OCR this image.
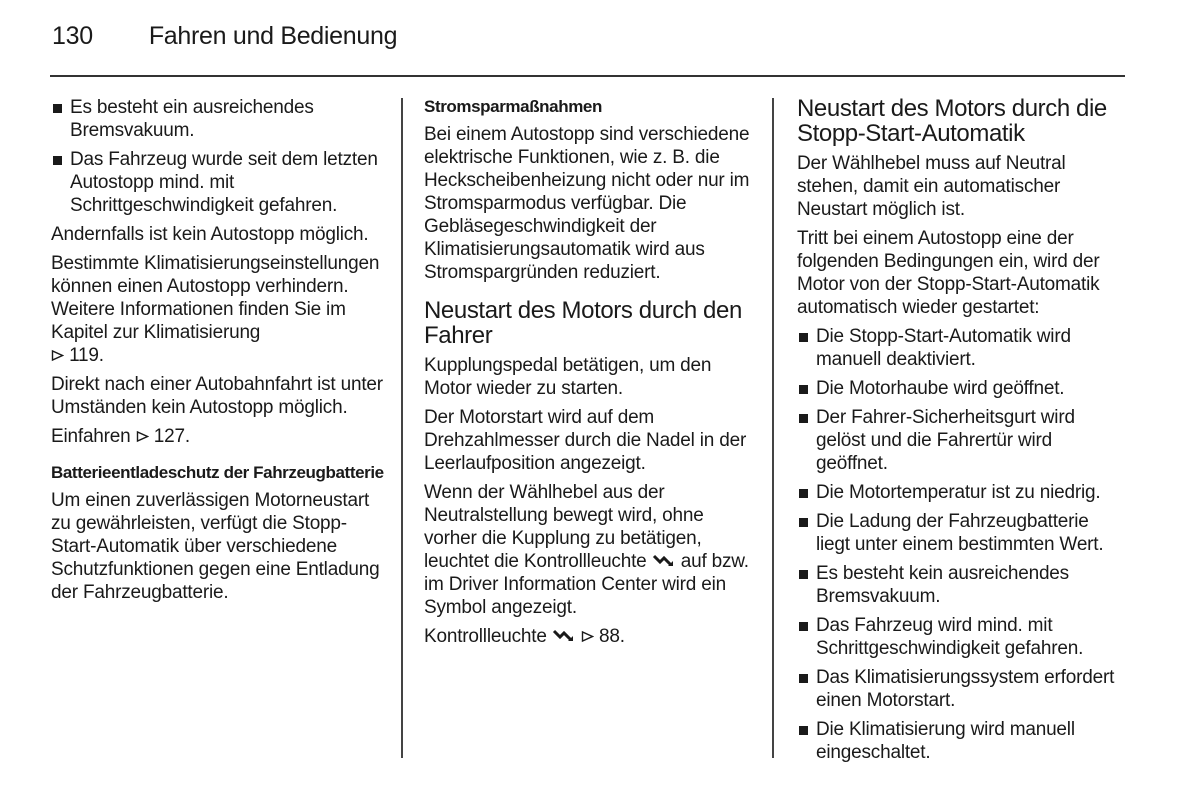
130 Fahren und Bedienung
Es besteht ein ausreichendes Bremsvakuum.
Das Fahrzeug wurde seit dem letzten Autostopp mind. mit Schrittgeschwindigkeit gefahren.

Andernfalls ist kein Autostopp möglich.

Bestimmte Klimatisierungseinstellungen können einen Autostopp verhindern. Weitere Informationen finden Sie im Kapitel zur Klimatisierung
119.

Direkt nach einer Autobahnfahrt ist unter Umständen kein Autostopp möglich.

Einfahren 127.

Batterieentladeschutz der Fahrzeugbatterie

Um einen zuverlässigen Motorneustart zu gewährleisten, verfügt die Stopp-Start-Automatik über verschiedene Schutzfunktionen gegen eine Entladung der Fahrzeugbatterie.

Stromsparmaßnahmen

Bei einem Autostopp sind verschiedene elektrische Funktionen, wie z. B. die Heckscheibenheizung nicht oder nur im Stromsparmodus verfügbar. Die Gebläsegeschwindigkeit der Klimatisierungsautomatik wird aus Stromspargründen reduziert.

Neustart des Motors durch den Fahrer

Kupplungspedal betätigen, um den Motor wieder zu starten.

Der Motorstart wird auf dem Drehzahlmesser durch die Nadel in der Leerlaufposition angezeigt.

Wenn der Wählhebel aus der Neutralstellung bewegt wird, ohne vorher die Kupplung zu betätigen, leuchtet die Kontrollleuchte auf bzw. im Driver Information Center wird ein Symbol angezeigt.

Kontrollleuchte	88.

Neustart des Motors durch die Stopp-Start-Automatik

Der Wählhebel muss auf Neutral stehen, damit ein automatischer Neustart möglich ist.

Tritt bei einem Autostopp eine der folgenden Bedingungen ein, wird der Motor von der Stopp-Start-Automatik automatisch wieder gestartet:

Die Stopp-Start-Automatik wird manuell deaktiviert.
Die Motorhaube wird geöffnet.
Der Fahrer-Sicherheitsgurt wird gelöst und die Fahrertür wird geöffnet.
Die Motortemperatur ist zu niedrig.
Die Ladung der Fahrzeugbatterie liegt unter einem bestimmten Wert.
Es besteht kein ausreichendes Bremsvakuum.
Das Fahrzeug wird mind. mit Schrittgeschwindigkeit gefahren.
Das Klimatisierungssystem erfordert einen Motorstart.
Die Klimatisierung wird manuell eingeschaltet.
